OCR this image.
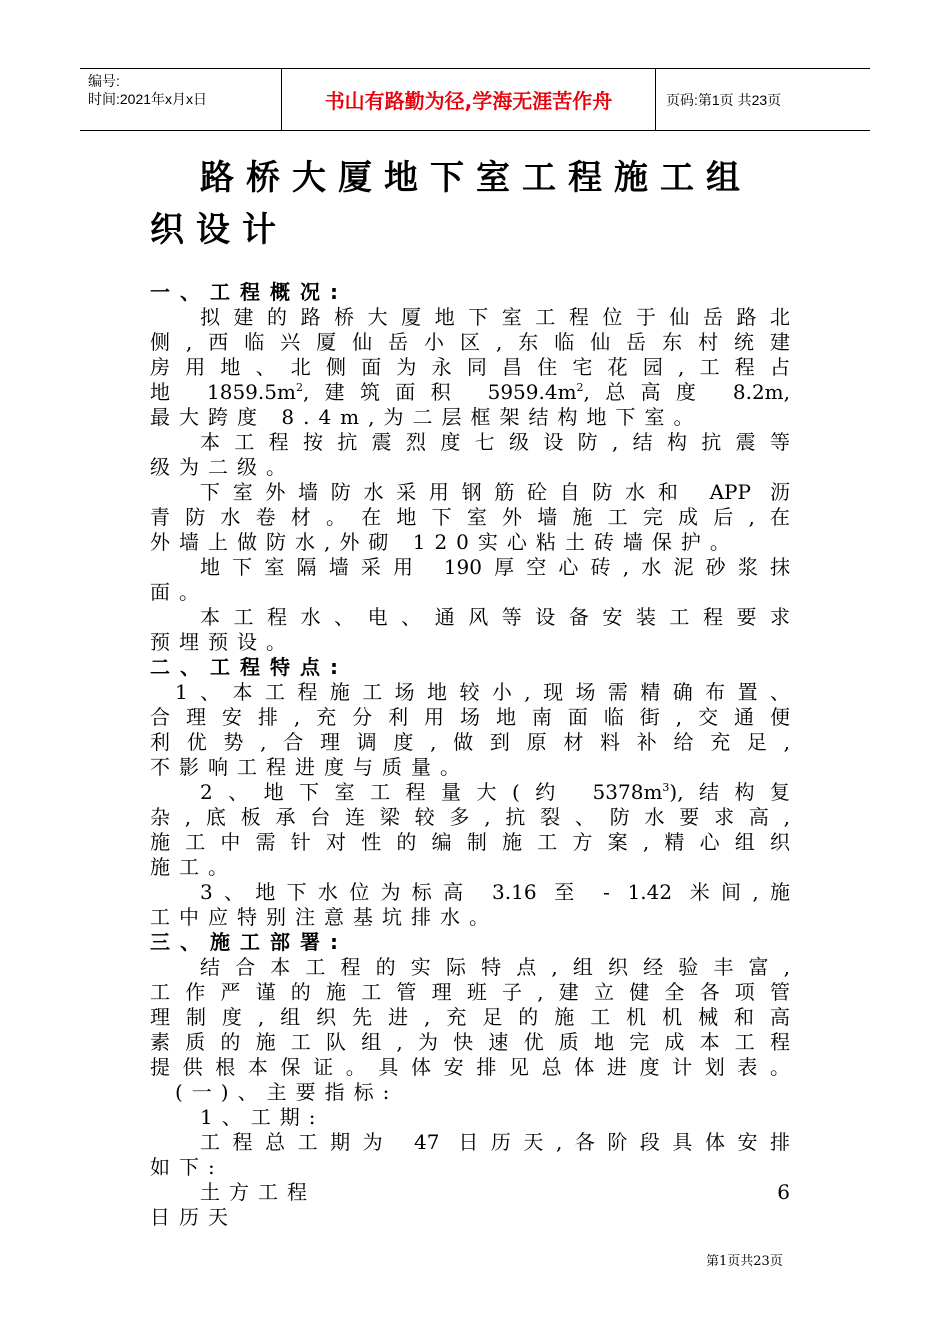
编号:
时间:2021年x月x日	书山有路勤为径,学海无涯苦作舟	页码:第1页 共23页
路桥大厦地下室工程施工组
织设计
一、工程概况:
拟建的路桥大厦地下室工程位于仙岳路北
侧,西临兴厦仙岳小区,东临仙岳东村统建
房用地、北侧面为永同昌住宅花园,工程占
地 $1859.5m^2$,建筑面积 $5959.4m^2$,总高度 8.2m,
最大跨度 8.4m,为二层框架结构地下室。
本工程按抗震烈度七级设防,结构抗震等
级为二级。
下室外墙防水采用钢筋砼自防水和 APP 沥
青防水卷材。在地下室外墙施工完成后,在
外墙上做防水,外砌 120实心粘土砖墙保护。
地下室隔墙采用 190厚空心砖,水泥砂浆抹
面。
本工程水、电、通风等设备安装工程要求
预埋预设。
二、工程特点:
1、本工程施工场地较小,现场需精确布置、
合理安排,充分利用场地南面临街,交通便
利优势,合理调度,做到原材料补给充足,
不影响工程进度与质量。
2、地下室工程量大(约 $5378m^3$),结构复
杂,底板承台连梁较多,抗裂、防水要求高,
施工中需针对性的编制施工方案,精心组织
施工。
3、地下水位为标高 3.16 至 - 1.42 米间,施
工中应特别注意基坑排水。
三、施工部署:
结合本工程的实际特点,组织经验丰富,
工作严谨的施工管理班子,建立健全各项管
理制度,组织先进,充足的施工机机械和高
素质的施工队组,为快速优质地完成本工程
提供根本保证。具体安排见总体进度计划表。
(一)、主要指标:
1、工期:
工程总工期为 47 日历天,各阶段具体安排
如下:
土方工程	6
日历天
第1页共23页
